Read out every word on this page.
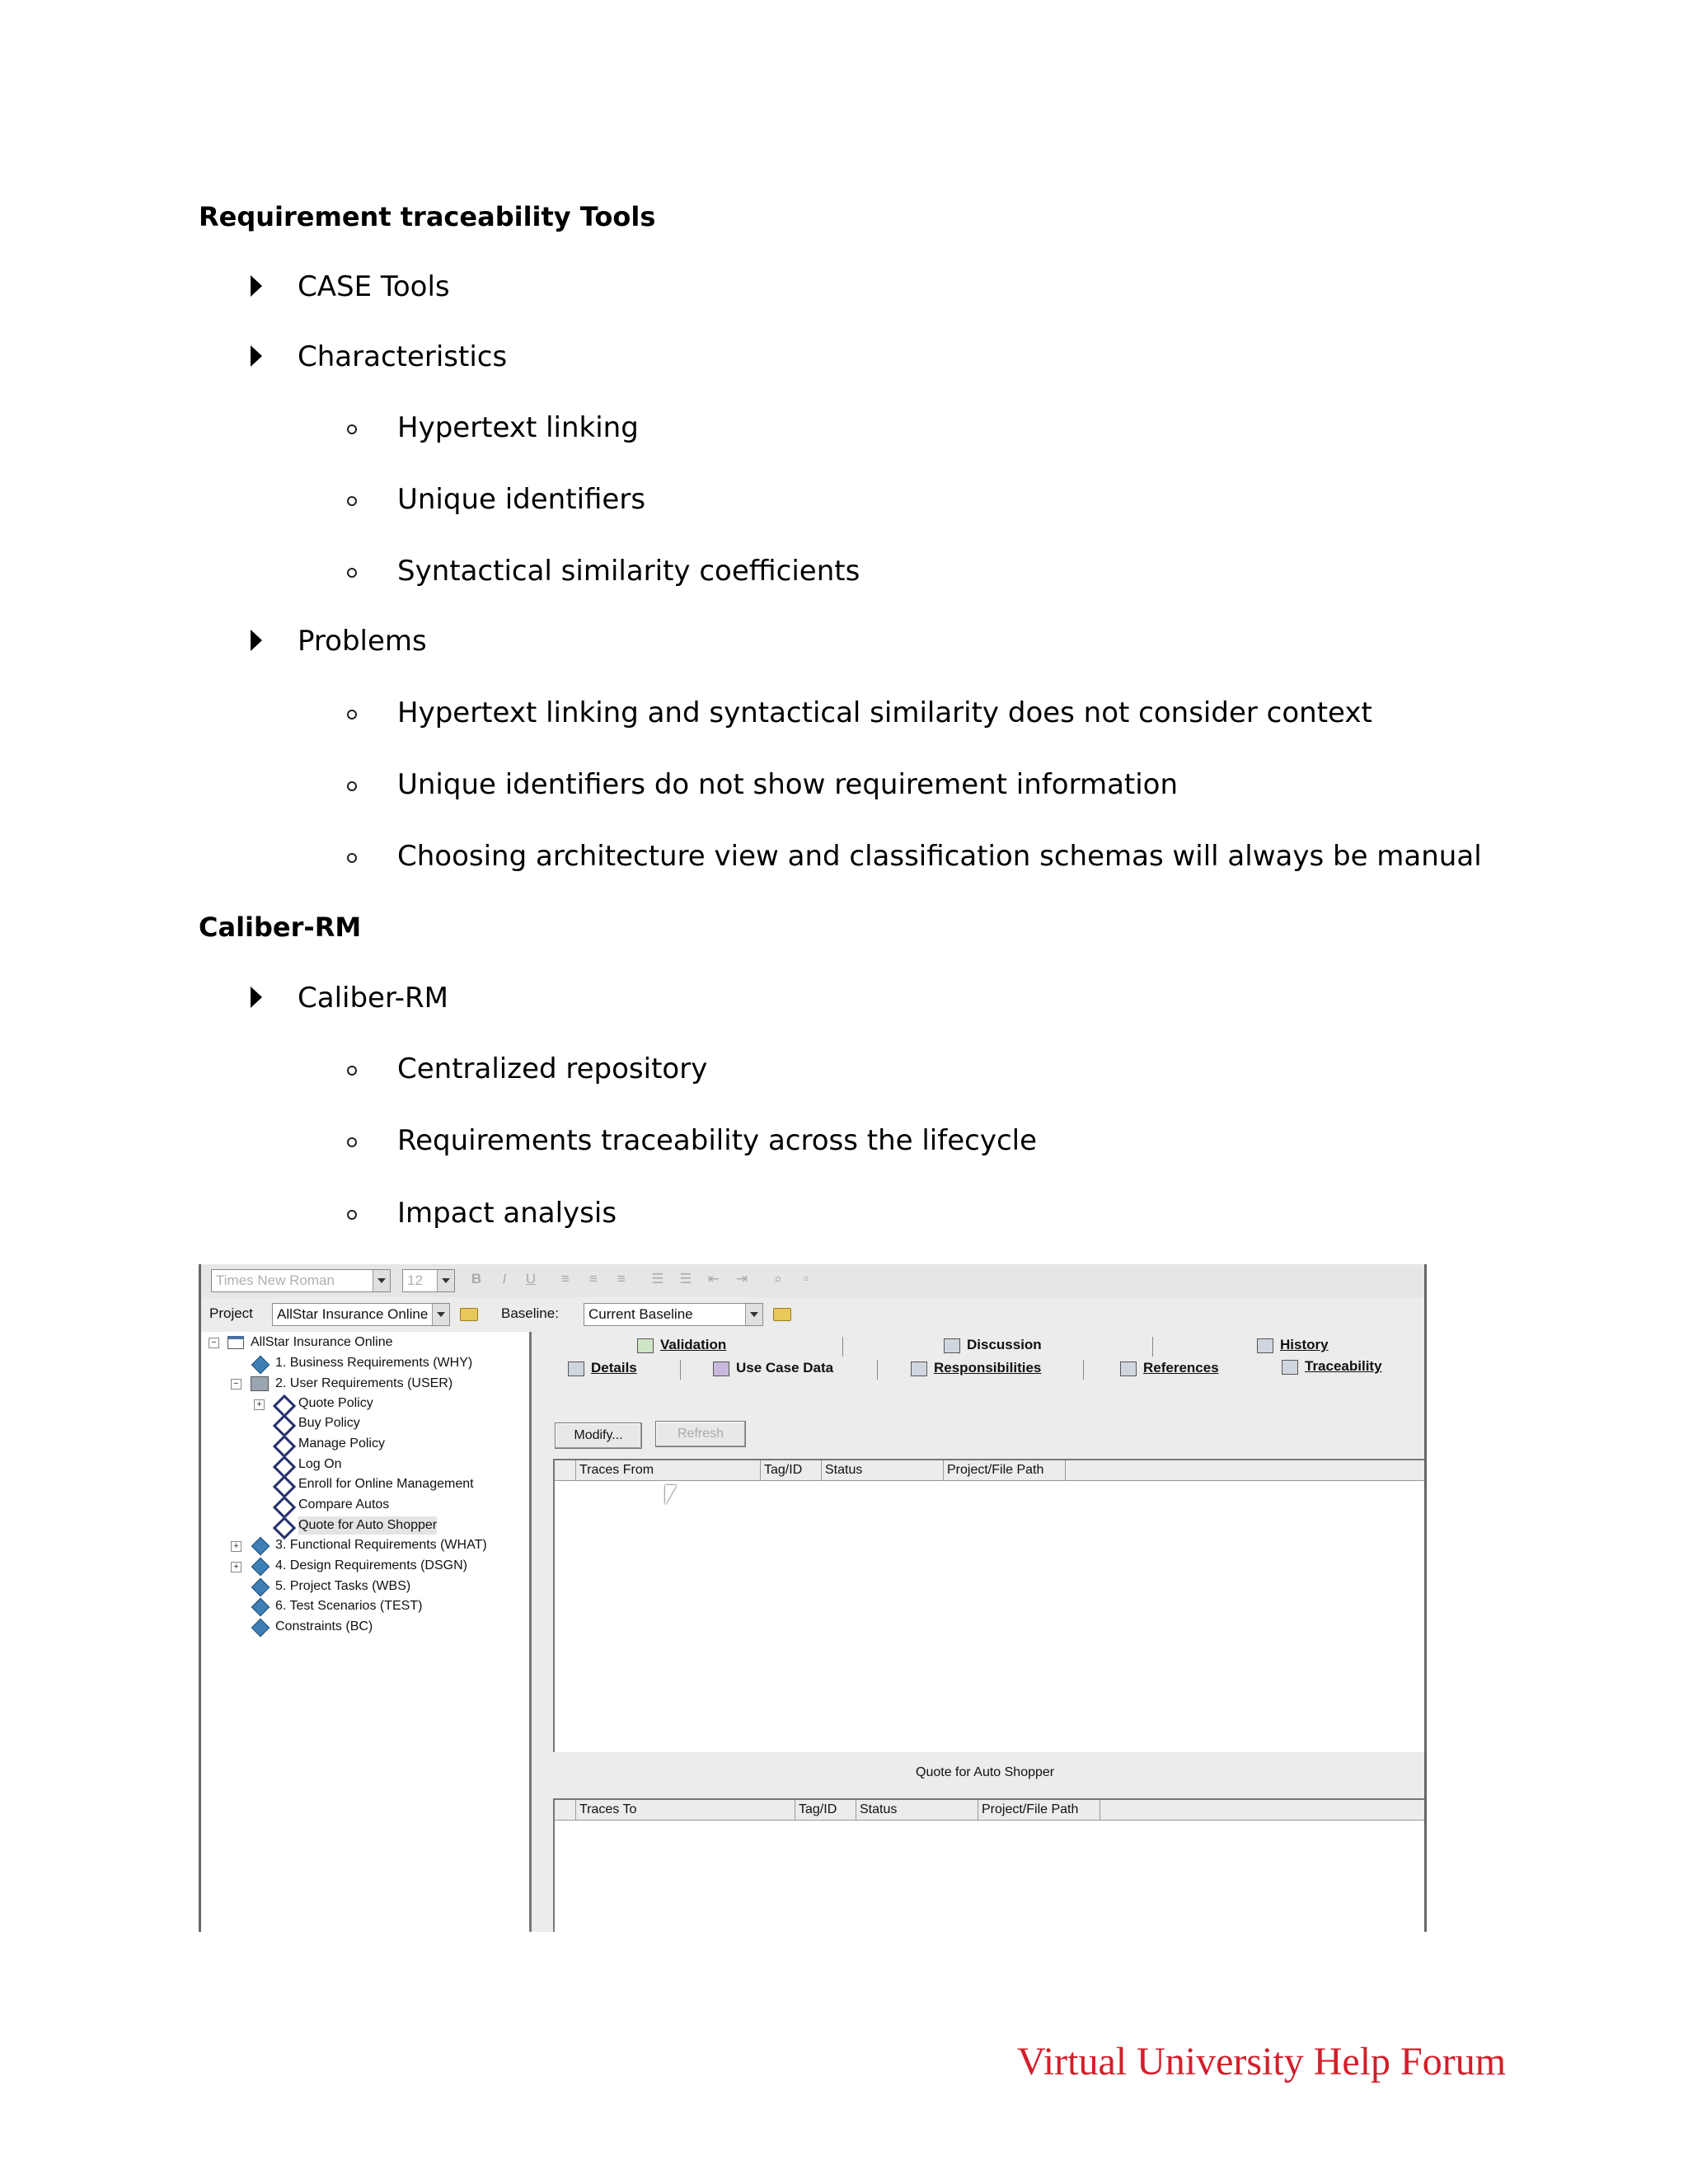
Requirement traceability Tools
CASE Tools
Characteristics
Hypertext linking
Unique identifiers
Syntactical similarity coefficients
Problems
Hypertext linking and syntactical similarity does not consider context
Unique identifiers do not show requirement information
Choosing architecture view and classification schemas will always be manual
Caliber-RM
Caliber-RM
Centralized repository
Requirements traceability across the lifecycle
Impact analysis
Times New Roman	12	B	I	U ≡ ≡ ≡ ☰ ☰ ⇤ ⇥	⌕	▫
Project	AllStar Insurance Online	Baseline:	Current Baseline
−	AllStar Insurance Online
1. Business Requirements (WHY)
−	2. User Requirements (USER)
+	Quote Policy
Buy Policy
Manage Policy
Log On
Enroll for Online Management
Compare Autos
Quote for Auto Shopper
+	3. Functional Requirements (WHAT)
+	4. Design Requirements (DSGN)
5. Project Tasks (WBS)
6. Test Scenarios (TEST)
Constraints (BC)
Validation	Discussion	History
Details	Use Case Data	Responsibilities	References	Traceability
Modify...	Refresh
Traces From	Tag/ID	Status	Project/File Path
Quote for Auto Shopper
Traces To	Tag/ID	Status	Project/File Path
Virtual University Help Forum
